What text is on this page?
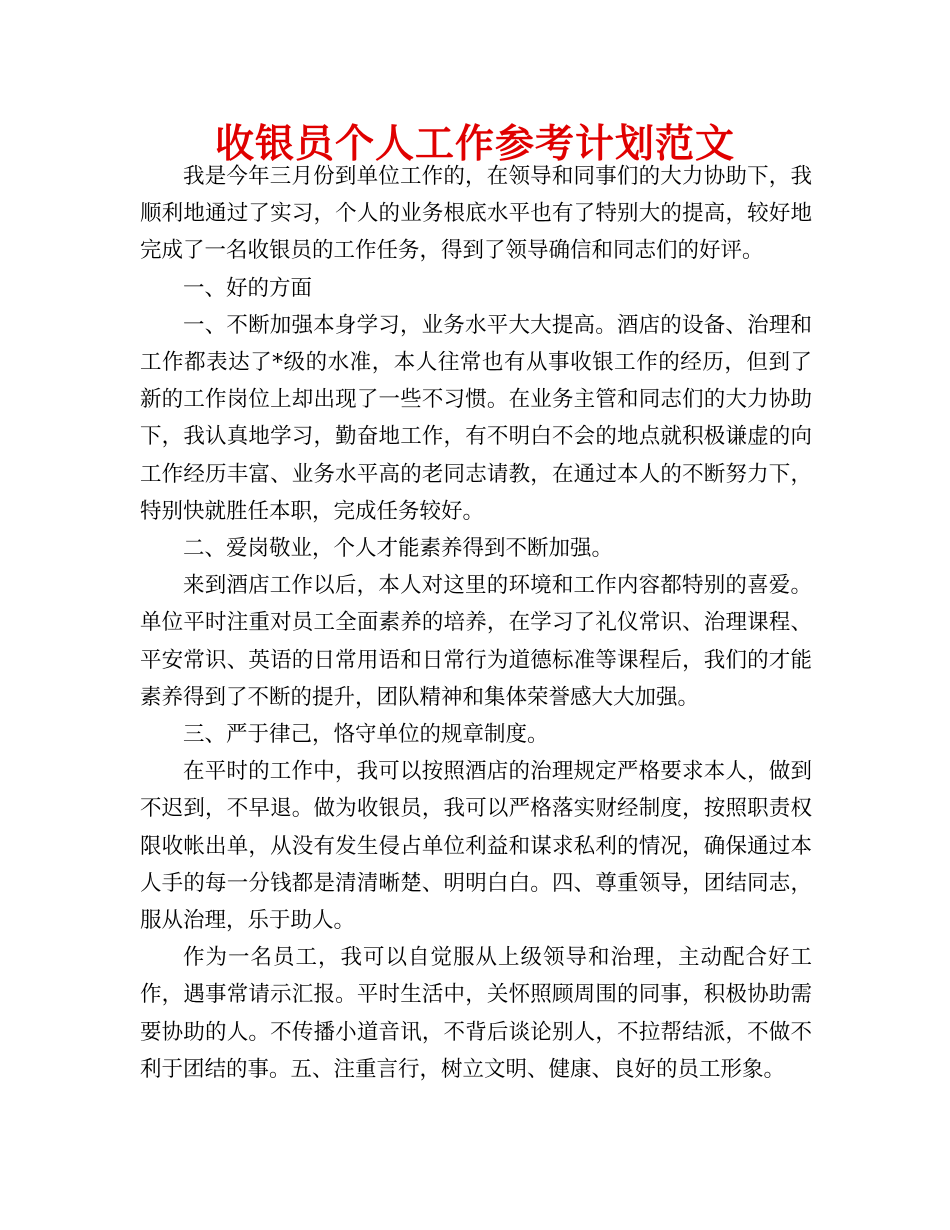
收银员个人工作参考计划范文

我是今年三月份到单位工作的，在领导和同事们的大力协助下，我顺利地通过了实习，个人的业务根底水平也有了特别大的提高，较好地完成了一名收银员的工作任务，得到了领导确信和同志们的好评。

一、好的方面

一、不断加强本身学习，业务水平大大提高。酒店的设备、治理和工作都表达了*级的水准，本人往常也有从事收银工作的经历，但到了新的工作岗位上却出现了一些不习惯。在业务主管和同志们的大力协助下，我认真地学习，勤奋地工作，有不明白不会的地点就积极谦虚的向工作经历丰富、业务水平高的老同志请教，在通过本人的不断努力下，特别快就胜任本职，完成任务较好。

二、爱岗敬业，个人才能素养得到不断加强。

来到酒店工作以后，本人对这里的环境和工作内容都特别的喜爱。单位平时注重对员工全面素养的培养，在学习了礼仪常识、治理课程、平安常识、英语的日常用语和日常行为道德标准等课程后，我们的才能素养得到了不断的提升，团队精神和集体荣誉感大大加强。

三、严于律己，恪守单位的规章制度。

在平时的工作中，我可以按照酒店的治理规定严格要求本人，做到不迟到，不早退。做为收银员，我可以严格落实财经制度，按照职责权限收帐出单，从没有发生侵占单位利益和谋求私利的情况，确保通过本人手的每一分钱都是清清晰楚、明明白白。四、尊重领导，团结同志，服从治理，乐于助人。

作为一名员工，我可以自觉服从上级领导和治理，主动配合好工作，遇事常请示汇报。平时生活中，关怀照顾周围的同事，积极协助需要协助的人。不传播小道音讯，不背后谈论别人，不拉帮结派，不做不利于团结的事。五、注重言行，树立文明、健康、良好的员工形象。
